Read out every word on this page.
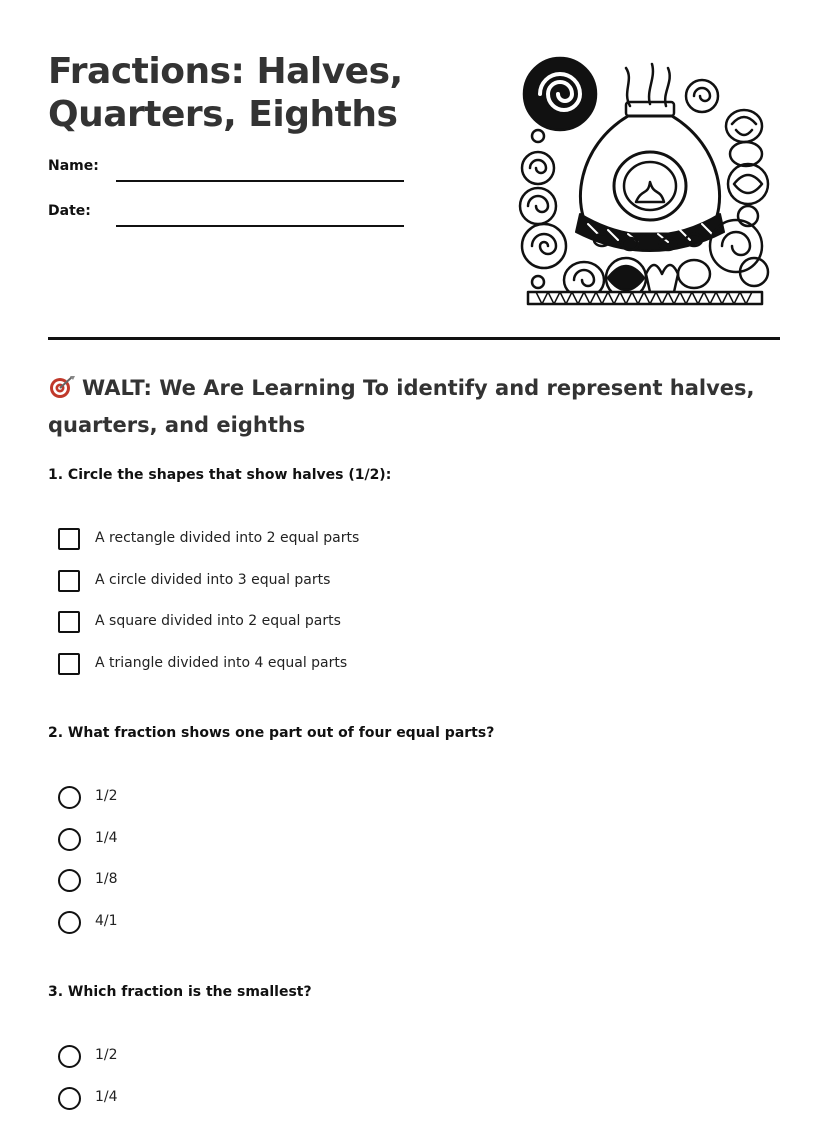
Fractions: Halves, Quarters, Eighths
Name:
Date:
WALT: We Are Learning To identify and represent halves, quarters, and eighths

1. Circle the shapes that show halves (1/2):

A rectangle divided into 2 equal parts
A circle divided into 3 equal parts
A square divided into 2 equal parts
A triangle divided into 4 equal parts

2. What fraction shows one part out of four equal parts?

1/2
1/4
1/8
4/1

3. Which fraction is the smallest?

1/2
1/4
